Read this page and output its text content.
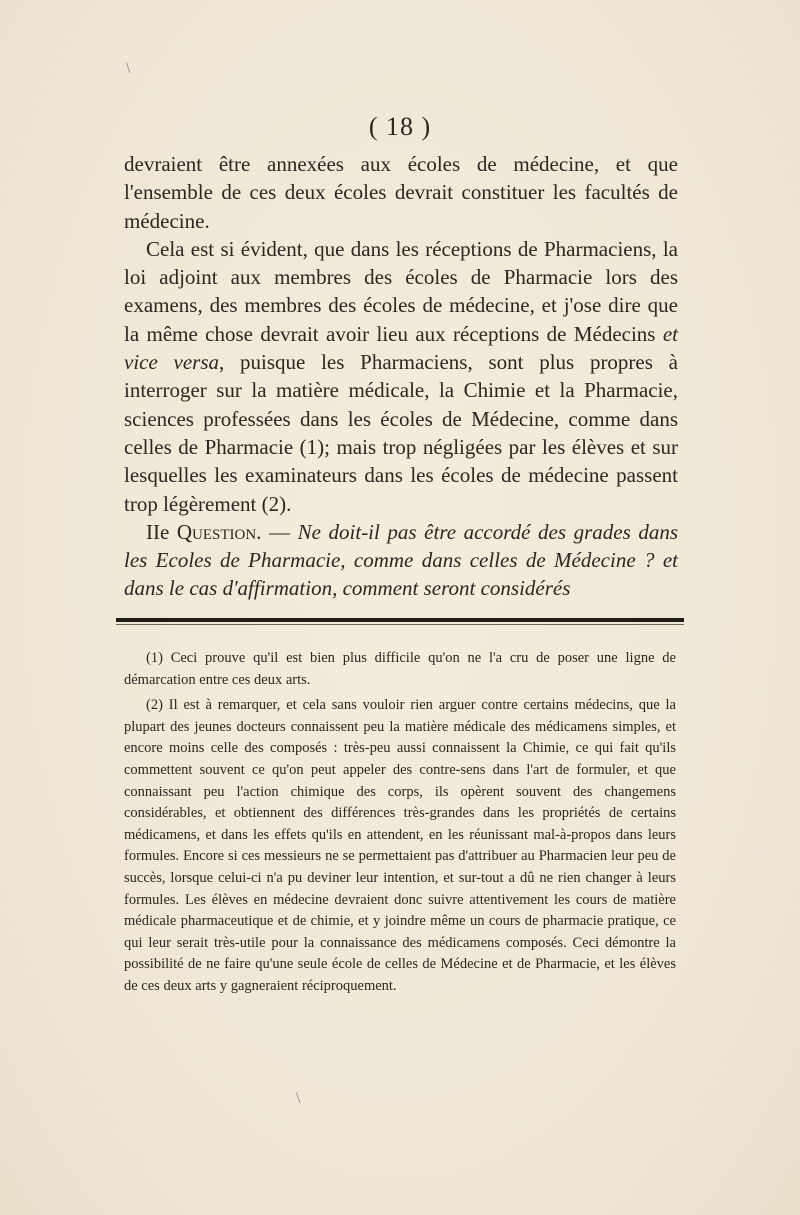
\
( 18 )

devraient être annexées aux écoles de médecine, et que l'ensemble de ces deux écoles devrait constituer les facultés de médecine.

Cela est si évident, que dans les réceptions de Pharmaciens, la loi adjoint aux membres des écoles de Pharmacie lors des examens, des membres des écoles de médecine, et j'ose dire que la même chose devrait avoir lieu aux réceptions de Médecins et vice versa, puisque les Pharmaciens, sont plus propres à interroger sur la matière médicale, la Chimie et la Pharmacie, sciences professées dans les écoles de Médecine, comme dans celles de Pharmacie (1); mais trop négligées par les élèves et sur lesquelles les examinateurs dans les écoles de médecine passent trop légèrement (2).

IIe Question. — Ne doit-il pas être accordé des grades dans les Ecoles de Pharmacie, comme dans celles de Médecine ? et dans le cas d'affirmation, comment seront considérés

(1) Ceci prouve qu'il est bien plus difficile qu'on ne l'a cru de poser une ligne de démarcation entre ces deux arts.

(2) Il est à remarquer, et cela sans vouloir rien arguer contre certains médecins, que la plupart des jeunes docteurs connaissent peu la matière médicale des médicamens simples, et encore moins celle des composés : très-peu aussi connaissent la Chimie, ce qui fait qu'ils commettent souvent ce qu'on peut appeler des contre-sens dans l'art de formuler, et que connaissant peu l'action chimique des corps, ils opèrent souvent des changemens considérables, et obtiennent des différences très-grandes dans les propriétés de certains médicamens, et dans les effets qu'ils en attendent, en les réunissant mal-à-propos dans leurs formules. Encore si ces messieurs ne se permettaient pas d'attribuer au Pharmacien leur peu de succès, lorsque celui-ci n'a pu deviner leur intention, et sur-tout a dû ne rien changer à leurs formules. Les élèves en médecine devraient donc suivre attentivement les cours de matière médicale pharmaceutique et de chimie, et y joindre même un cours de pharmacie pratique, ce qui leur serait très-utile pour la connaissance des médicamens composés. Ceci démontre la possibilité de ne faire qu'une seule école de celles de Médecine et de Pharmacie, et les élèves de ces deux arts y gagneraient réciproquement.

\
